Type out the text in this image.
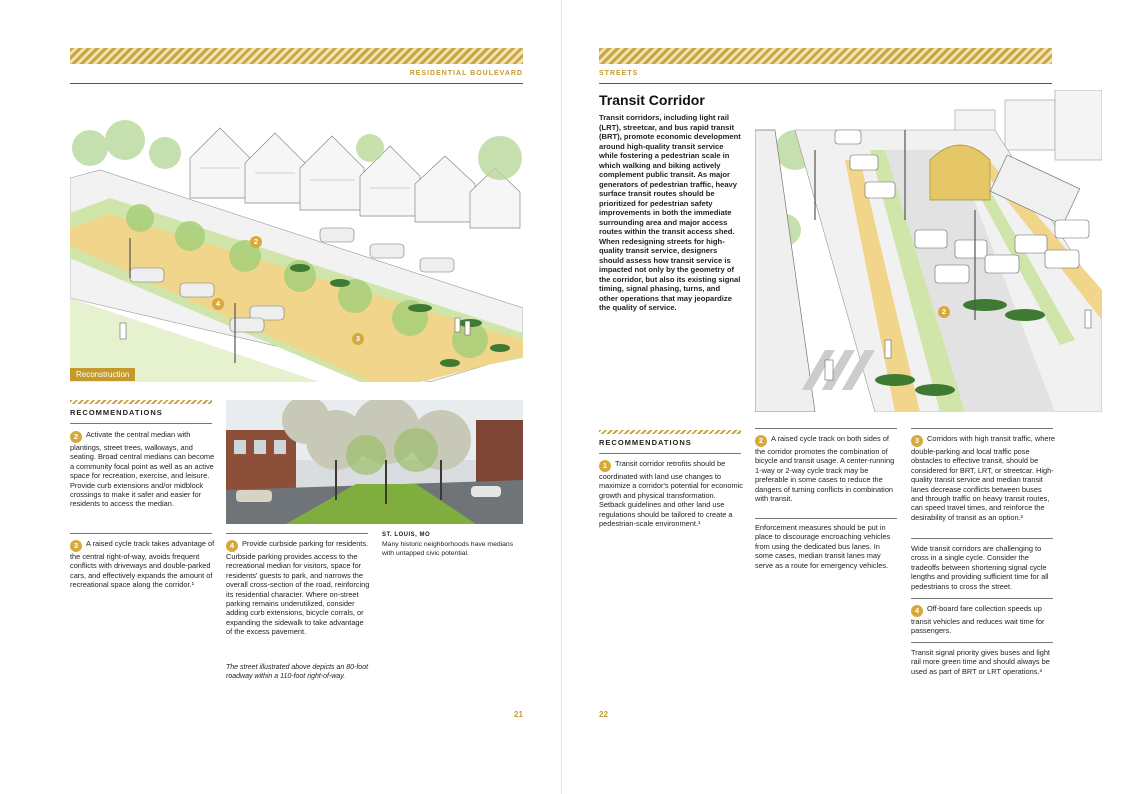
RESIDENTIAL BOULEVARD
2
4
3
Reconstruction
RECOMMENDATIONS
2 Activate the central median with plantings, street trees, walkways, and seating. Broad central medians can become a community focal point as well as an active space for recreation, exercise, and leisure. Provide curb extensions and/or midblock crossings to make it safer and easier for residents to access the median.
3 A raised cycle track takes advantage of the central right-of-way, avoids frequent conflicts with driveways and double-parked cars, and effectively expands the amount of recreational space along the corridor.¹
4 Provide curbside parking for residents. Curbside parking provides access to the recreational median for visitors, space for residents' guests to park, and narrows the overall cross-section of the road, reinforcing its residential character. Where on-street parking remains underutilized, consider adding curb extensions, bicycle corrals, or expanding the sidewalk to take advantage of the excess pavement.
The street illustrated above depicts an 80-foot roadway within a 110-foot right-of-way.
ST. LOUIS, MO
Many historic neighborhoods have medians with untapped civic potential.
21
STREETS
Transit Corridor
Transit corridors, including light rail (LRT), streetcar, and bus rapid transit (BRT), promote economic development around high-quality transit service while fostering a pedestrian scale in which walking and biking actively complement public transit. As major generators of pedestrian traffic, heavy surface transit routes should be prioritized for pedestrian safety improvements in both the immediate surrounding area and major access routes within the transit access shed. When redesigning streets for high-quality transit service, designers should assess how transit service is impacted not only by the geometry of the corridor, but also its existing signal timing, signal phasing, turns, and other operations that may jeopardize the quality of service.	2
RECOMMENDATIONS
1 Transit corridor retrofits should be coordinated with land use changes to maximize a corridor's potential for economic growth and physical transformation. Setback guidelines and other land use regulations should be tailored to create a pedestrian-scale environment.¹
2 A raised cycle track on both sides of the corridor promotes the combination of bicycle and transit usage. A center-running 1-way or 2-way cycle track may be preferable in some cases to reduce the dangers of turning conflicts in combination with transit.
Enforcement measures should be put in place to discourage encroaching vehicles from using the dedicated bus lanes. In some cases, median transit lanes may serve as a route for emergency vehicles.
3 Corridors with high transit traffic, where double-parking and local traffic pose obstacles to effective transit, should be considered for BRT, LRT, or streetcar. High-quality transit service and median transit lanes decrease conflicts between buses and through traffic on heavy transit routes, can speed travel times, and reinforce the desirability of transit as an option.²
Wide transit corridors are challenging to cross in a single cycle. Consider the tradeoffs between shortening signal cycle lengths and providing sufficient time for all pedestrians to cross the street.
4 Off-board fare collection speeds up transit vehicles and reduces wait time for passengers.
Transit signal priority gives buses and light rail more green time and should always be used as part of BRT or LRT operations.³
22
